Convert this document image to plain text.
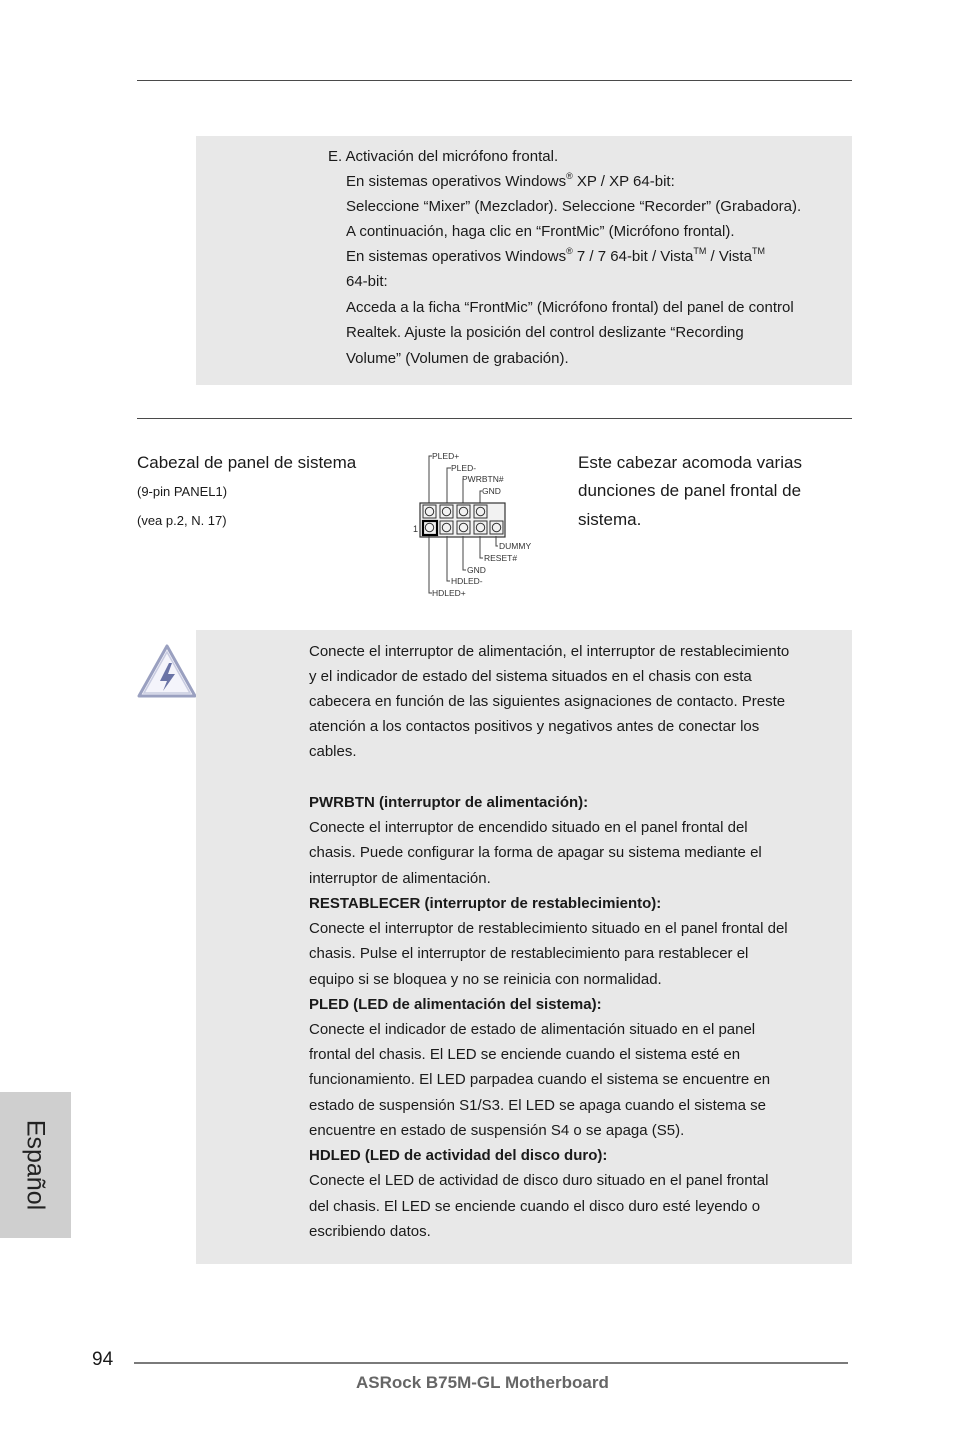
E. Activación del micrófono frontal.
En sistemas operativos Windows® XP / XP 64-bit:
Seleccione “Mixer” (Mezclador). Seleccione “Recorder” (Grabadora).
A continuación, haga clic en “FrontMic” (Micrófono frontal).
En sistemas operativos Windows® 7 / 7 64-bit / Vista™ / Vista™
64-bit:
Acceda a la ficha “FrontMic” (Micrófono frontal) del panel de control
Realtek. Ajuste la posición del control deslizante “Recording
Volume” (Volumen de grabación).
Cabezal de panel de sistema
(9-pin PANEL1)
(vea p.2, N. 17)
PLED+
PLED-
PWRBTN#
GND
1
DUMMY
RESET#
GND
HDLED-
HDLED+
Este cabezar acomoda varias
dunciones de panel frontal de
sistema.
Conecte el interruptor de alimentación, el interruptor de restablecimiento
y el indicador de estado del sistema situados en el chasis con esta
cabecera en función de las siguientes asignaciones de contacto. Preste
atención a los contactos positivos y negativos antes de conectar los
cables.
PWRBTN (interruptor de alimentación):
Conecte el interruptor de encendido situado en el panel frontal del
chasis. Puede configurar la forma de apagar su sistema mediante el
interruptor de alimentación.
RESTABLECER (interruptor de restablecimiento):
Conecte el interruptor de restablecimiento situado en el panel frontal del
chasis. Pulse el interruptor de restablecimiento para restablecer el
equipo si se bloquea y no se reinicia con normalidad.
PLED (LED de alimentación del sistema):
Conecte el indicador de estado de alimentación situado en el panel
frontal del chasis. El LED se enciende cuando el sistema esté en
funcionamiento. El LED parpadea cuando el sistema se encuentre en
estado de suspensión S1/S3. El LED se apaga cuando el sistema se
encuentre en estado de suspensión S4 o se apaga (S5).
HDLED (LED de actividad del disco duro):
Conecte el LED de actividad de disco duro situado en el panel frontal
del chasis. El LED se enciende cuando el disco duro esté leyendo o
escribiendo datos.
Español
94
ASRock B75M-GL Motherboard
